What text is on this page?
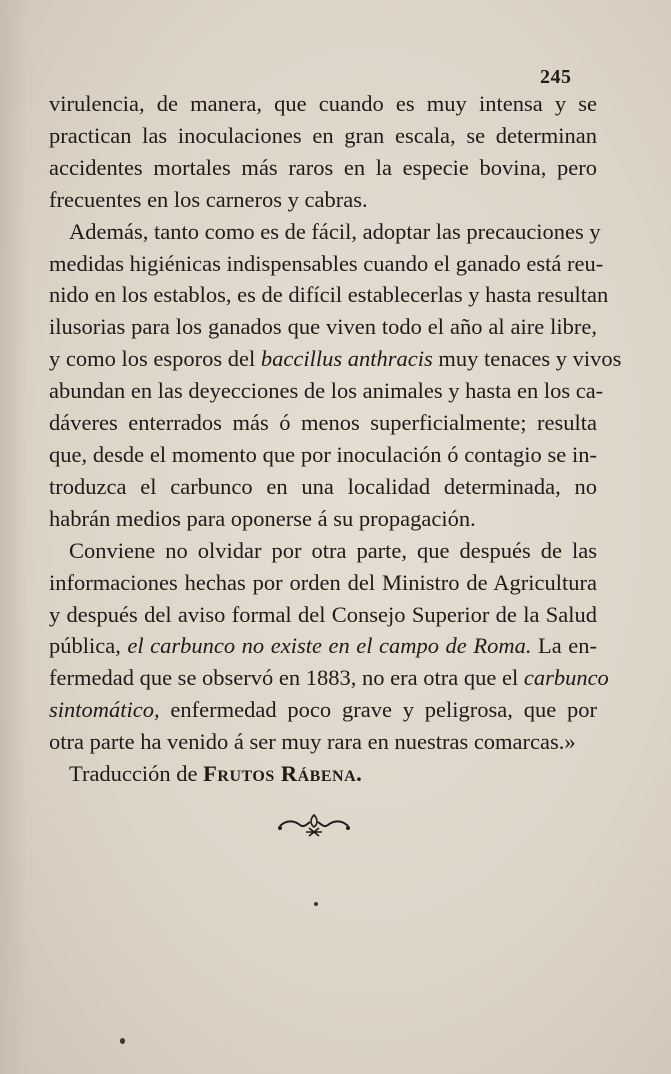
245
virulencia, de manera, que cuando es muy intensa y se
practican las inoculaciones en gran escala, se determinan
accidentes mortales más raros en la especie bovina, pero
frecuentes en los carneros y cabras.
Además, tanto como es de fácil, adoptar las precauciones y
medidas higiénicas indispensables cuando el ganado está reu-
nido en los establos, es de difícil establecerlas y hasta resultan
ilusorias para los ganados que viven todo el año al aire libre,
y como los esporos del baccillus anthracis muy tenaces y vivos
abundan en las deyecciones de los animales y hasta en los ca-
dáveres enterrados más ó menos superficialmente; resulta
que, desde el momento que por inoculación ó contagio se in-
troduzca el carbunco en una localidad determinada, no
habrán medios para oponerse á su propagación.
Conviene no olvidar por otra parte, que después de las
informaciones hechas por orden del Ministro de Agricultura
y después del aviso formal del Consejo Superior de la Salud
pública, el carbunco no existe en el campo de Roma. La en-
fermedad que se observó en 1883, no era otra que el carbunco
sintomático, enfermedad poco grave y peligrosa, que por
otra parte ha venido á ser muy rara en nuestras comarcas.»
Traducción de Frutos Rábena.
